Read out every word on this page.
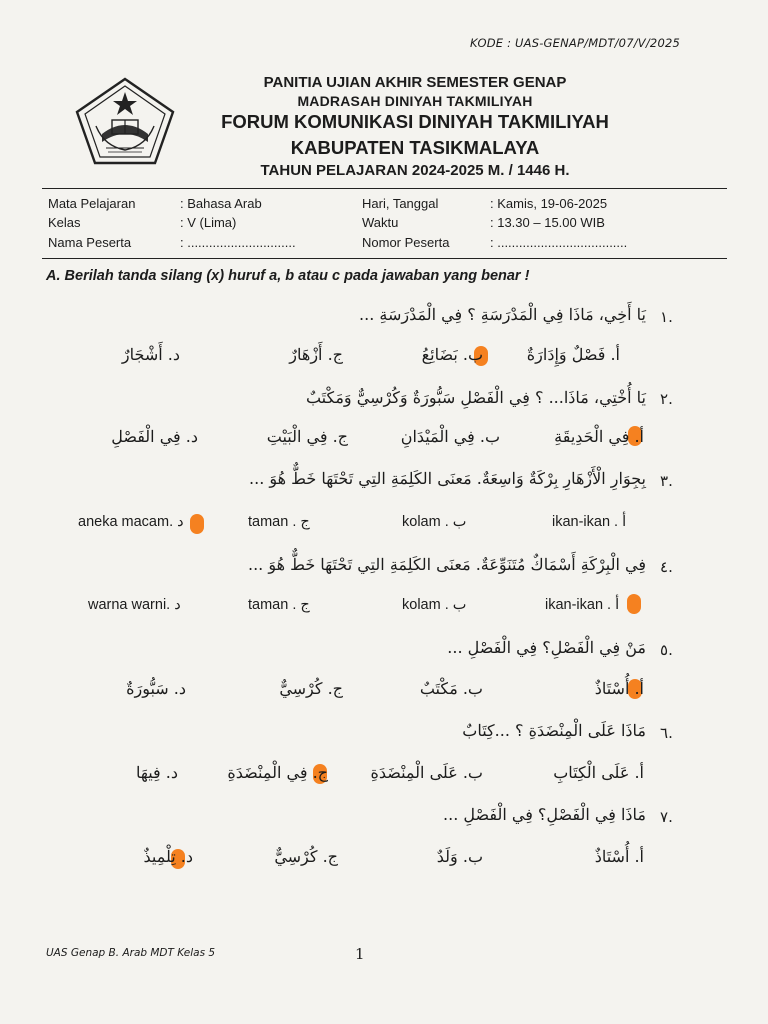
KODE : UAS-GENAP/MDT/07/V/2025
PANITIA UJIAN AKHIR SEMESTER GENAP
MADRASAH DINIYAH TAKMILIYAH
FORUM KOMUNIKASI DINIYAH TAKMILIYAH
KABUPATEN TASIKMALAYA
TAHUN PELAJARAN 2024-2025 M. / 1446 H.
Mata Pelajaran	: Bahasa Arab
Kelas	: V (Lima)
Nama Peserta	: ..............................
Hari, Tanggal	: Kamis, 19-06-2025
Waktu	: 13.30 – 15.00 WIB
Nomor Peserta	: ....................................
A. Berilah tanda silang (x) huruf a, b atau c pada jawaban yang benar !
١.
يَا أَخِي، مَاذَا فِي الْمَدْرَسَةِ ؟ فِي الْمَدْرَسَةِ ...
أ. فَصْلٌ وَإِدَارَةٌ
ب. بَضَائِعُ
ج. أَزْهَارٌ
د. أَشْجَارٌ
٢.
يَا أُخْتِي، مَاذَا... ؟ فِي الْفَصْلِ سَبُّورَةٌ وَكُرْسِيٌّ وَمَكْتَبٌ
أ. فِي الْحَدِيقَةِ
ب. فِي الْمَيْدَانِ
ج. فِي الْبَيْتِ
د. فِي الْفَصْلِ
٣.
بِجِوَارِ الْأَزْهَارِ بِرْكَةٌ وَاسِعَةٌ. مَعنَى الكَلِمَةِ التِي تَحْتَهَا خَطٌّ هُوَ ...
ikan-ikan . أ
kolam . ب
taman . ج
aneka macam. د
٤.
فِي الْبِرْكَةِ أَسْمَاكٌ مُتَنَوِّعَةٌ. مَعنَى الكَلِمَةِ التِي تَحْتَهَا خَطٌّ هُوَ ...
ikan-ikan . أ
kolam . ب
taman . ج
warna warni. د
٥.
مَنْ فِي الْفَصْلِ؟ فِي الْفَصْلِ ...
أ. أُسْتَاذٌ
ب. مَكْتَبٌ
ج. كُرْسِيٌّ
د. سَبُّورَةٌ
٦.
مَاذَا عَلَى الْمِنْضَدَةِ ؟ ...كِتَابٌ
أ. عَلَى الْكِتَابِ
ب. عَلَى الْمِنْضَدَةِ
ج. فِي الْمِنْضَدَةِ
د. فِيهَا
٧.
مَاذَا فِي الْفَصْلِ؟ فِي الْفَصْلِ ...
أ. أُسْتَاذٌ
ب. وَلَدٌ
ج. كُرْسِيٌّ
د. تِلْمِيذٌ
UAS Genap B. Arab MDT Kelas 5	1
